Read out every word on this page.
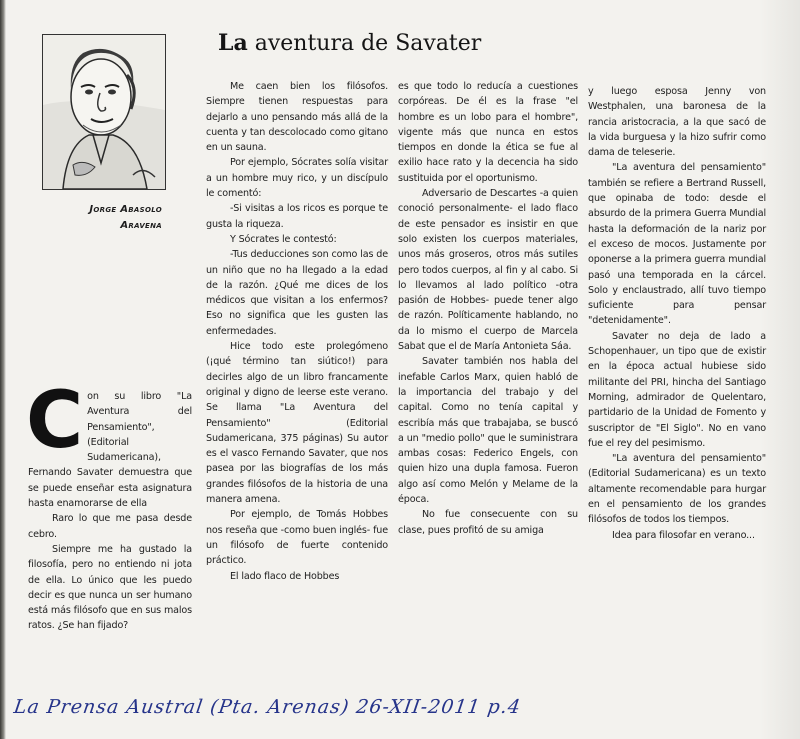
Jorge Abasolo
Aravena
La aventura de Savater
C on su libro "La Aventura del Pensamiento", (Editorial Sudamericana), Fernando Savater demuestra que se puede enseñar esta asignatura hasta enamorarse de ella

Raro lo que me pasa desde cebro.

Siempre me ha gustado la filosofía, pero no entiendo ni jota de ella. Lo único que les puedo decir es que nunca un ser humano está más filósofo que en sus malos ratos. ¿Se han fijado?

Me caen bien los filósofos. Siempre tienen respuestas para dejarlo a uno pensando más allá de la cuenta y tan descolocado como gitano en un sauna.

Por ejemplo, Sócrates solía visitar a un hombre muy rico, y un discípulo le comentó:

-Si visitas a los ricos es porque te gusta la riqueza.

Y Sócrates le contestó:

-Tus deducciones son como las de un niño que no ha llegado a la edad de la razón. ¿Qué me dices de los médicos que visitan a los enfermos? Eso no significa que les gusten las enfermedades.

Hice todo este prolegómeno (¡qué término tan siútico!) para decirles algo de un libro francamente original y digno de leerse este verano. Se llama "La Aventura del Pensamiento" (Editorial Sudamericana, 375 páginas) Su autor es el vasco Fernando Savater, que nos pasea por las biografías de los más grandes filósofos de la historia de una manera amena.

Por ejemplo, de Tomás Hobbes nos reseña que -como buen inglés- fue un filósofo de fuerte contenido práctico.

El lado flaco de Hobbes

es que todo lo reducía a cuestiones corpóreas. De él es la frase "el hombre es un lobo para el hombre", vigente más que nunca en estos tiempos en donde la ética se fue al exilio hace rato y la decencia ha sido sustituida por el oportunismo.

Adversario de Descartes -a quien conoció personalmente- el lado flaco de este pensador es insistir en que solo existen los cuerpos materiales, unos más groseros, otros más sutiles pero todos cuerpos, al fin y al cabo. Si lo llevamos al lado político -otra pasión de Hobbes- puede tener algo de razón. Políticamente hablando, no da lo mismo el cuerpo de Marcela Sabat que el de María Antonieta Sáa.

Savater también nos habla del inefable Carlos Marx, quien habló de la importancia del trabajo y del capital. Como no tenía capital y escribía más que trabajaba, se buscó a un "medio pollo" que le suministrara ambas cosas: Federico Engels, con quien hizo una dupla famosa. Fueron algo así como Melón y Melame de la época.

No fue consecuente con su clase, pues profitó de su amiga

y luego esposa Jenny von Westphalen, una baronesa de la rancia aristocracia, a la que sacó de la vida burguesa y la hizo sufrir como dama de teleserie.

"La aventura del pensamiento" también se refiere a Bertrand Russell, que opinaba de todo: desde el absurdo de la primera Guerra Mundial hasta la deformación de la nariz por el exceso de mocos. Justamente por oponerse a la primera guerra mundial pasó una temporada en la cárcel. Solo y enclaustrado, allí tuvo tiempo suficiente para pensar "detenidamente".

Savater no deja de lado a Schopenhauer, un tipo que de existir en la época actual hubiese sido militante del PRI, hincha del Santiago Morning, admirador de Quelentaro, partidario de la Unidad de Fomento y suscriptor de "El Siglo". No en vano fue el rey del pesimismo.

"La aventura del pensamiento" (Editorial Sudamericana) es un texto altamente recomendable para hurgar en el pensamiento de los grandes filósofos de todos los tiempos.

Idea para filosofar en verano...

La Prensa Austral (Pta. Arenas) 26-XII-2011 p.4
